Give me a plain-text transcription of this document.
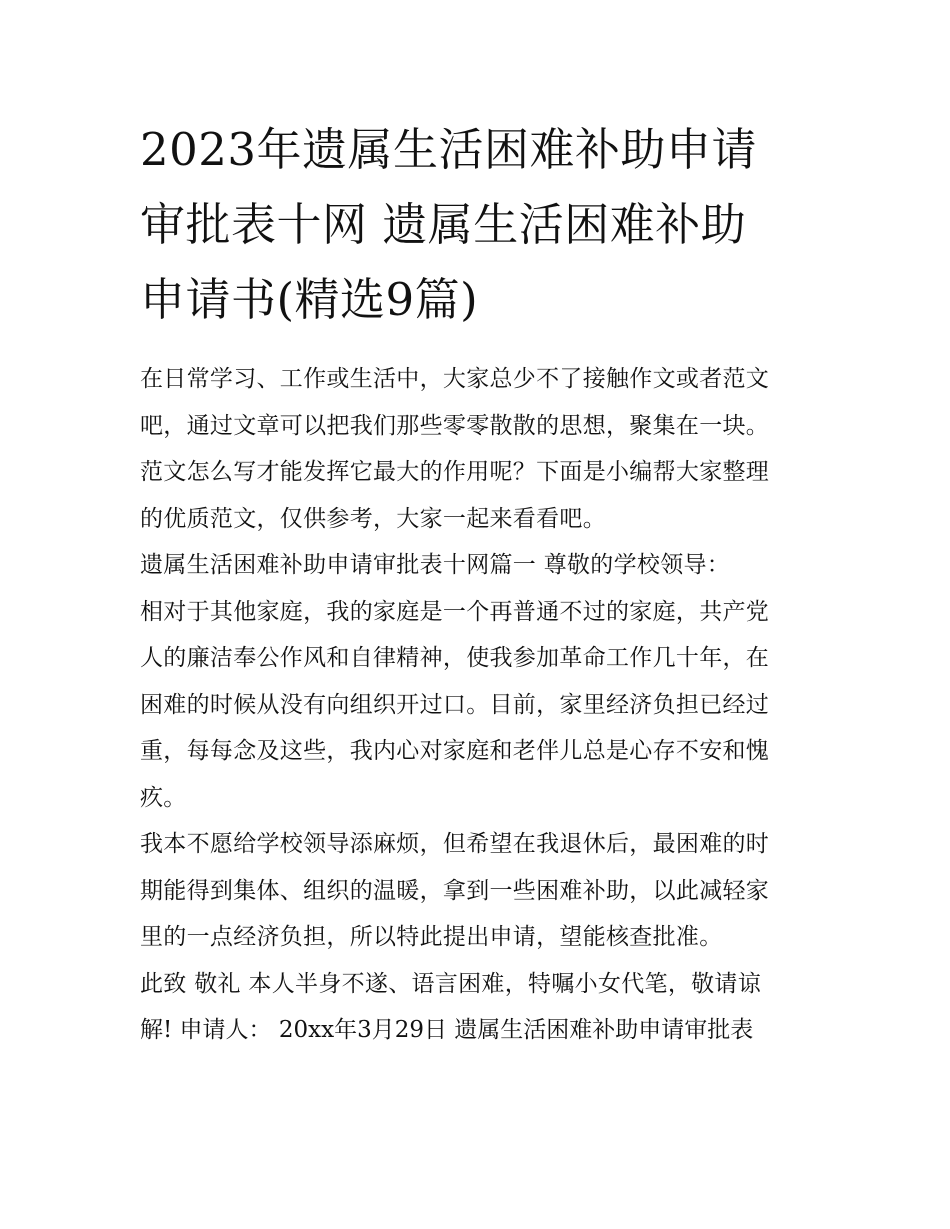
2023年遗属生活困难补助申请
审批表十网 遗属生活困难补助
申请书(精选9篇)
在日常学习、工作或生活中，大家总少不了接触作文或者范文
吧，通过文章可以把我们那些零零散散的思想，聚集在一块。
范文怎么写才能发挥它最大的作用呢？下面是小编帮大家整理
的优质范文，仅供参考，大家一起来看看吧。
遗属生活困难补助申请审批表十网篇一 尊敬的学校领导：
相对于其他家庭，我的家庭是一个再普通不过的家庭，共产党
人的廉洁奉公作风和自律精神，使我参加革命工作几十年，在
困难的时候从没有向组织开过口。目前，家里经济负担已经过
重，每每念及这些，我内心对家庭和老伴儿总是心存不安和愧
疚。
我本不愿给学校领导添麻烦，但希望在我退休后，最困难的时
期能得到集体、组织的温暖，拿到一些困难补助，以此减轻家
里的一点经济负担，所以特此提出申请，望能核查批准。
此致 敬礼 本人半身不遂、语言困难，特嘱小女代笔，敬请谅
解! 申请人： 20xx年3月29日 遗属生活困难补助申请审批表
